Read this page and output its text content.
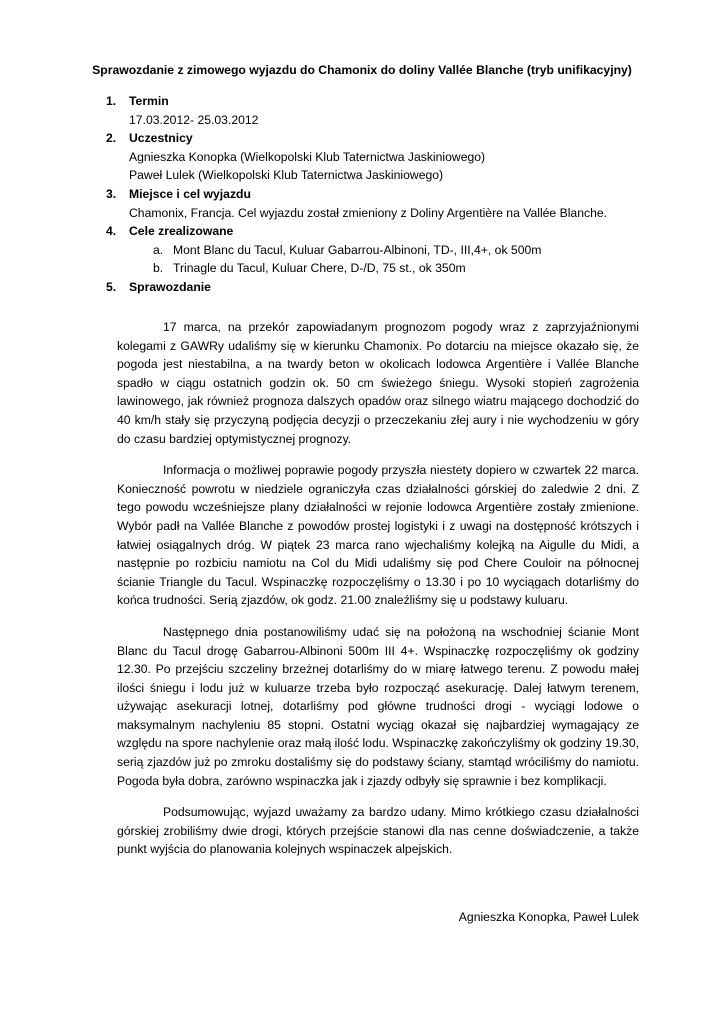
Sprawozdanie z zimowego wyjazdu do Chamonix do doliny Vallée Blanche (tryb unifikacyjny)
1. Termin
17.03.2012- 25.03.2012
2. Uczestnicy
Agnieszka Konopka (Wielkopolski Klub Taternictwa Jaskiniowego)
Paweł Lulek (Wielkopolski Klub Taternictwa Jaskiniowego)
3. Miejsce i cel wyjazdu
Chamonix, Francja. Cel wyjazdu został zmieniony z Doliny Argentière na Vallée Blanche.
4. Cele zrealizowane
a. Mont Blanc du Tacul, Kuluar Gabarrou-Albinoni, TD-, III,4+, ok 500m
b. Trinagle du Tacul, Kuluar Chere, D-/D, 75 st., ok 350m
5. Sprawozdanie

17 marca, na przekór zapowiadanym prognozom pogody wraz z zaprzyjaźnionymi kolegami z GAWRy udaliśmy się w kierunku Chamonix. Po dotarciu na miejsce okazało się, że pogoda jest niestabilna, a na twardy beton w okolicach lodowca Argentière i Vallée Blanche spadło w ciągu ostatnich godzin ok. 50 cm świeżego śniegu. Wysoki stopień zagrożenia lawinowego, jak również prognoza dalszych opadów oraz silnego wiatru mającego dochodzić do 40 km/h stały się przyczyną podjęcia decyzji o przeczekaniu złej aury i nie wychodzeniu w góry do czasu bardziej optymistycznej prognozy.

Informacja o możliwej poprawie pogody przyszła niestety dopiero w czwartek 22 marca. Konieczność powrotu w niedziele ograniczyła czas działalności górskiej do zaledwie 2 dni. Z tego powodu wcześniejsze plany działalności w rejonie lodowca Argentière zostały zmienione. Wybór padł na Vallée Blanche z powodów prostej logistyki i z uwagi na dostępność krótszych i łatwiej osiągalnych dróg. W piątek 23 marca rano wjechaliśmy kolejką na Aigulle du Midi, a następnie po rozbiciu namiotu na Col du Midi udaliśmy się pod Chere Couloir na północnej ścianie Triangle du Tacul. Wspinaczkę rozpoczęliśmy o 13.30 i po 10 wyciągach dotarliśmy do końca trudności. Serią zjazdów, ok godz. 21.00 znaleźliśmy się u podstawy kuluaru.

Następnego dnia postanowiliśmy udać się na położoną na wschodniej ścianie Mont Blanc du Tacul drogę Gabarrou-Albinoni 500m III 4+. Wspinaczkę rozpoczęliśmy ok godziny 12.30. Po przejściu szczeliny brzeżnej dotarliśmy do w miarę łatwego terenu. Z powodu małej ilości śniegu i lodu już w kuluarze trzeba było rozpocząć asekurację. Dalej łatwym terenem, używając asekuracji lotnej, dotarliśmy pod główne trudności drogi - wyciągi lodowe o maksymalnym nachyleniu 85 stopni. Ostatni wyciąg okazał się najbardziej wymagający ze względu na spore nachylenie oraz małą ilość lodu. Wspinaczkę zakończyliśmy ok godziny 19.30, serią zjazdów już po zmroku dostaliśmy się do podstawy ściany, stamtąd wróciliśmy do namiotu. Pogoda była dobra, zarówno wspinaczka jak i zjazdy odbyły się sprawnie i bez komplikacji.

Podsumowując, wyjazd uważamy za bardzo udany. Mimo krótkiego czasu działalności górskiej zrobiliśmy dwie drogi, których przejście stanowi dla nas cenne doświadczenie, a także punkt wyjścia do planowania kolejnych wspinaczek alpejskich.

Agnieszka Konopka, Paweł Lulek
